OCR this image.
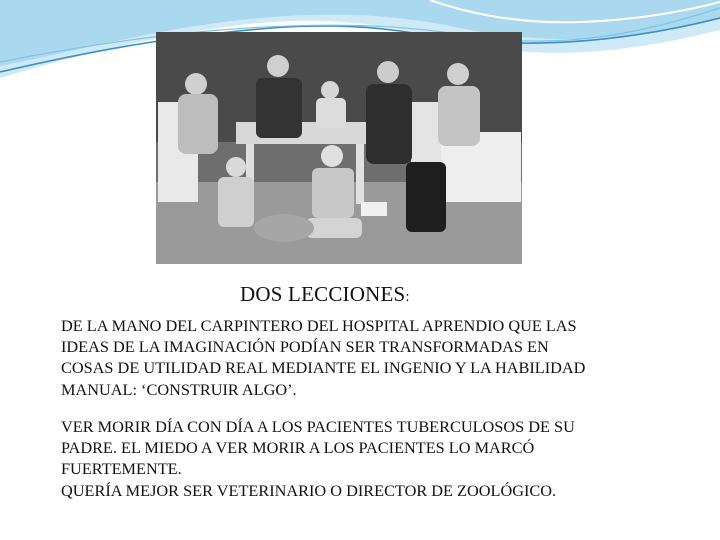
DOS LECCIONES:

DE LA MANO DEL CARPINTERO DEL HOSPITAL APRENDIO QUE LAS
IDEAS DE LA IMAGINACIÓN PODÍAN SER TRANSFORMADAS EN
COSAS DE UTILIDAD REAL MEDIANTE EL INGENIO Y LA HABILIDAD
MANUAL: ‘CONSTRUIR ALGO’.

VER MORIR DÍA CON DÍA A LOS PACIENTES TUBERCULOSOS DE SU
PADRE. EL MIEDO A VER MORIR A LOS PACIENTES LO MARCÓ
FUERTEMENTE.
QUERÍA MEJOR SER VETERINARIO O DIRECTOR DE ZOOLÓGICO.
